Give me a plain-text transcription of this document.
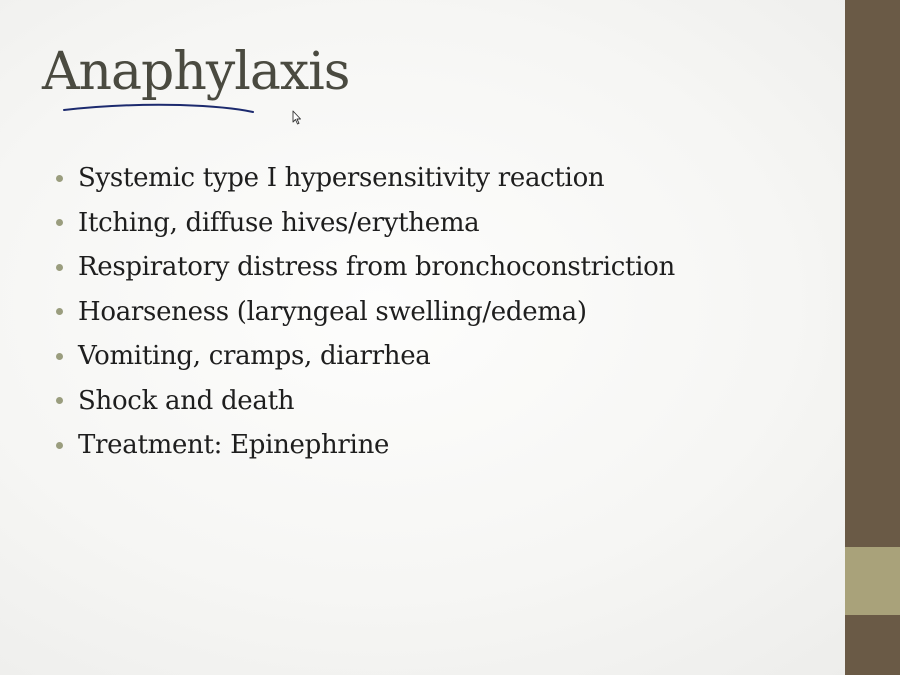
Anaphylaxis
Systemic type I hypersensitivity reaction
Itching, diffuse hives/erythema
Respiratory distress from bronchoconstriction
Hoarseness (laryngeal swelling/edema)
Vomiting, cramps, diarrhea
Shock and death
Treatment: Epinephrine
